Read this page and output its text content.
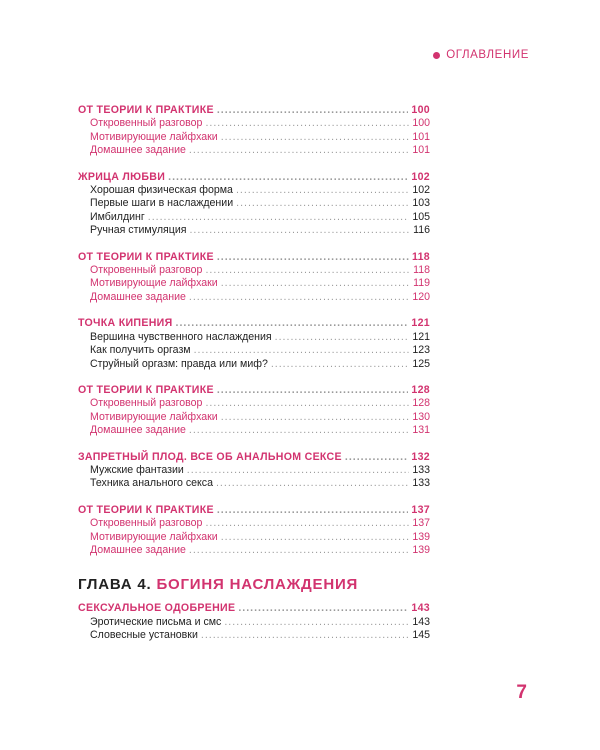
ОГЛАВЛЕНИЕ
ОТ ТЕОРИИ К ПРАКТИКЕ .....	100
Откровенный разговор .....	100
Мотивирующие лайфхаки .....	101
Домашнее задание .....	101
ЖРИЦА ЛЮБВИ .....	102
Хорошая физическая форма .....	102
Первые шаги в наслаждении .....	103
Имбилдинг .....	105
Ручная стимуляция .....	116
ОТ ТЕОРИИ К ПРАКТИКЕ .....	118
Откровенный разговор .....	118
Мотивирующие лайфхаки .....	119
Домашнее задание .....	120
ТОЧКА КИПЕНИЯ .....	121
Вершина чувственного наслаждения .....	121
Как получить оргазм .....	123
Струйный оргазм: правда или миф? .....	125
ОТ ТЕОРИИ К ПРАКТИКЕ .....	128
Откровенный разговор .....	128
Мотивирующие лайфхаки .....	130
Домашнее задание .....	131
ЗАПРЕТНЫЙ ПЛОД. ВСЕ ОБ АНАЛЬНОМ СЕКСЕ .....	132
Мужские фантазии .....	133
Техника анального секса .....	133
ОТ ТЕОРИИ К ПРАКТИКЕ .....	137
Откровенный разговор .....	137
Мотивирующие лайфхаки .....	139
Домашнее задание .....	139
ГЛАВА 4. БОГИНЯ НАСЛАЖДЕНИЯ
СЕКСУАЛЬНОЕ ОДОБРЕНИЕ .....	143
Эротические письма и смс .....	143
Словесные установки .....	145
7
